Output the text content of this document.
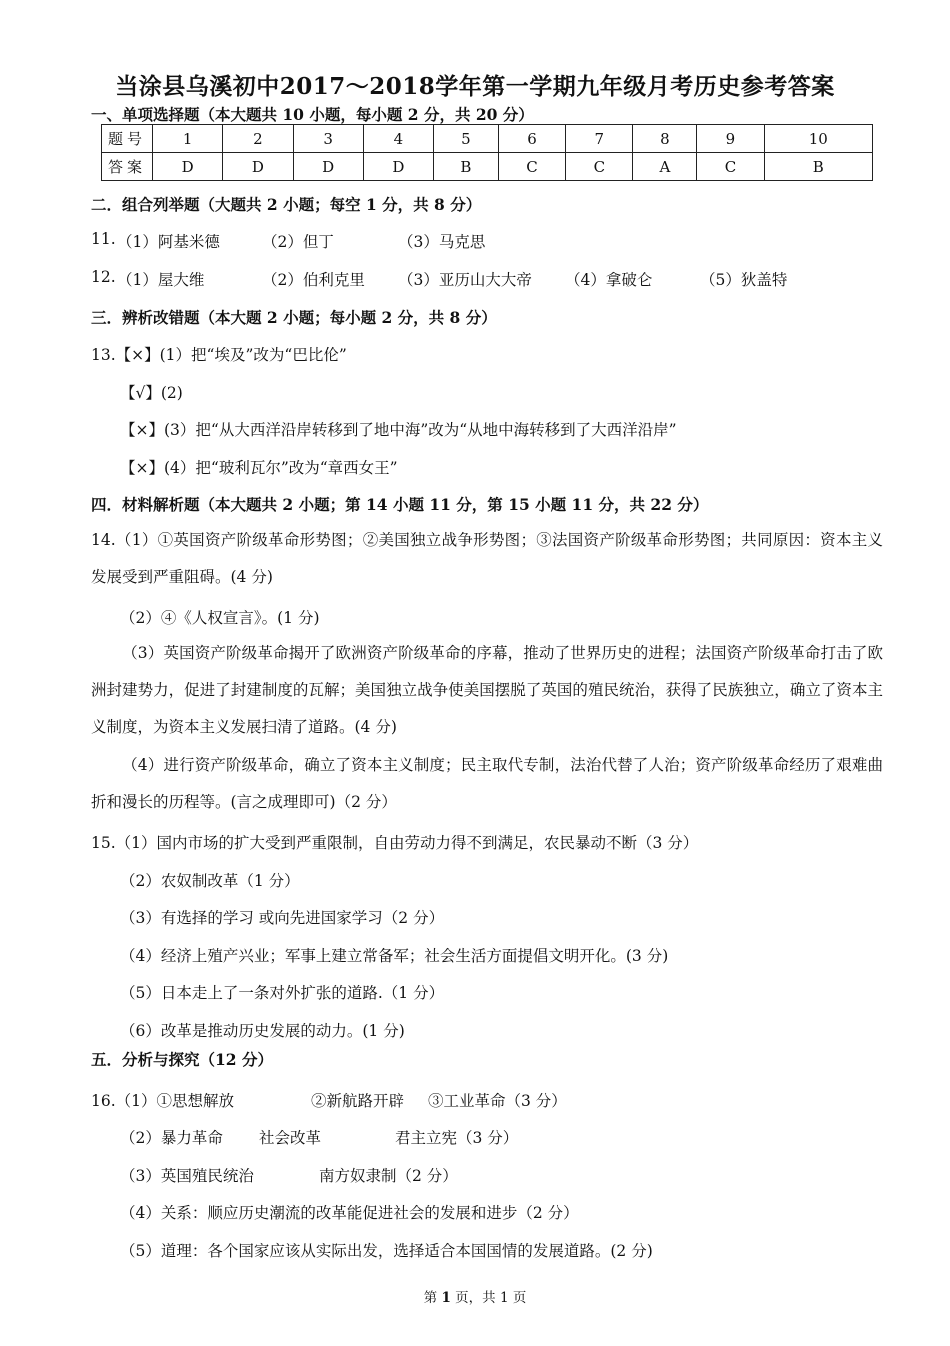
当涂县乌溪初中2017～2018学年第一学期九年级月考历史参考答案
一、单项选择题（本大题共 10 小题，每小题 2 分，共 20 分）
题号	1	2	3	4	5	6	7	8	9	10
答案	D	D	D	D	B	C	C	A	C	B
二．组合列举题（大题共 2 小题；每空 1 分，共 8 分）
11. （1）阿基米德	（2）但丁	（3）马克思
12. （1）屋大维	（2）伯利克里 （3）亚历山大大帝 （4）拿破仑	（5）狄盖特
三．辨析改错题（本大题 2 小题；每小题 2 分，共 8 分）
13.【×】(1）把“埃及”改为“巴比伦”
【√】(2)
【×】(3）把“从大西洋沿岸转移到了地中海”改为“从地中海转移到了大西洋沿岸”
【×】(4）把“玻利瓦尔”改为“章西女王”
四．材料解析题（本大题共 2 小题；第 14 小题 11 分，第 15 小题 11 分，共 22 分）
14.（1）①英国资产阶级革命形势图；②美国独立战争形势图；③法国资产阶级革命形势图；共同原因：资本主义发展受到严重阻碍。(4 分)
（2）④《人权宣言》。(1 分)
（3）英国资产阶级革命揭开了欧洲资产阶级革命的序幕，推动了世界历史的进程；法国资产阶级革命打击了欧洲封建势力，促进了封建制度的瓦解；美国独立战争使美国摆脱了英国的殖民统治，获得了民族独立，确立了资本主义制度，为资本主义发展扫清了道路。(4 分)
（4）进行资产阶级革命，确立了资本主义制度；民主取代专制，法治代替了人治；资产阶级革命经历了艰难曲折和漫长的历程等。(言之成理即可)（2 分）
15.（1）国内市场的扩大受到严重限制，自由劳动力得不到满足，农民暴动不断（3 分）
（2）农奴制改革（1 分）
（3）有选择的学习 或向先进国家学习（2 分）
（4）经济上殖产兴业；军事上建立常备军；社会生活方面提倡文明开化。(3 分)
（5）日本走上了一条对外扩张的道路.（1 分）
（6）改革是推动历史发展的动力。(1 分)
五．分析与探究（12 分）
16.（1）①思想解放	②新航路开辟 ③工业革命（3 分）
（2）暴力革命 社会改革	君主立宪（3 分）
（3）英国殖民统治	南方奴隶制（2 分）
（4）关系：顺应历史潮流的改革能促进社会的发展和进步（2 分）
（5）道理：各个国家应该从实际出发，选择适合本国国情的发展道路。(2 分)
第 1 页，共 1 页
